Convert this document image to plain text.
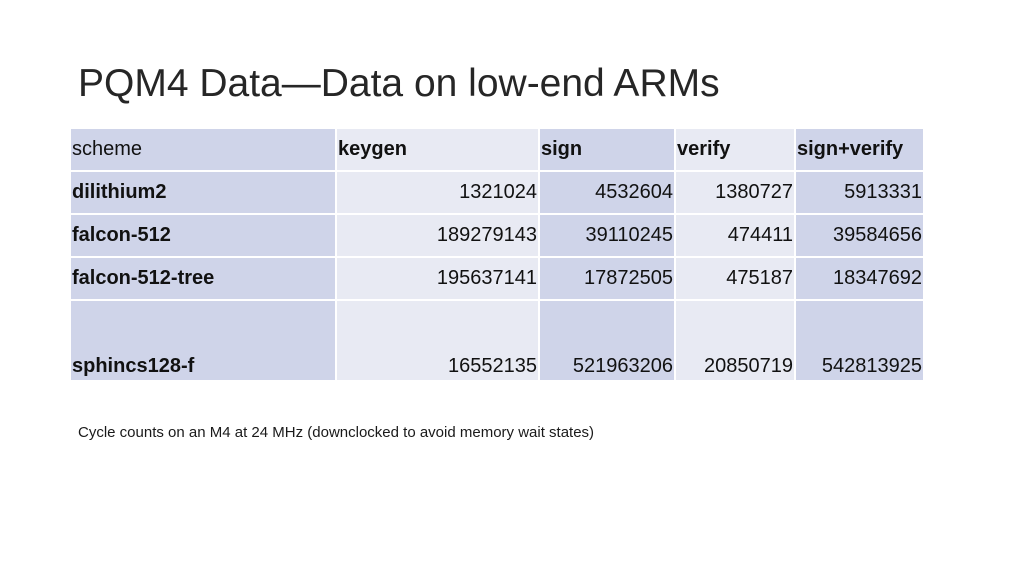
PQM4 Data—Data on low-end ARMs
scheme	keygen	sign	verify	sign+verify
dilithium2	1321024	4532604	1380727	5913331
falcon-512	189279143	39110245	474411	39584656
falcon-512-tree	195637141	17872505	475187	18347692
sphincs128-f	16552135	521963206	20850719	542813925
Cycle counts on an M4 at 24 MHz (downclocked to avoid memory wait states)
